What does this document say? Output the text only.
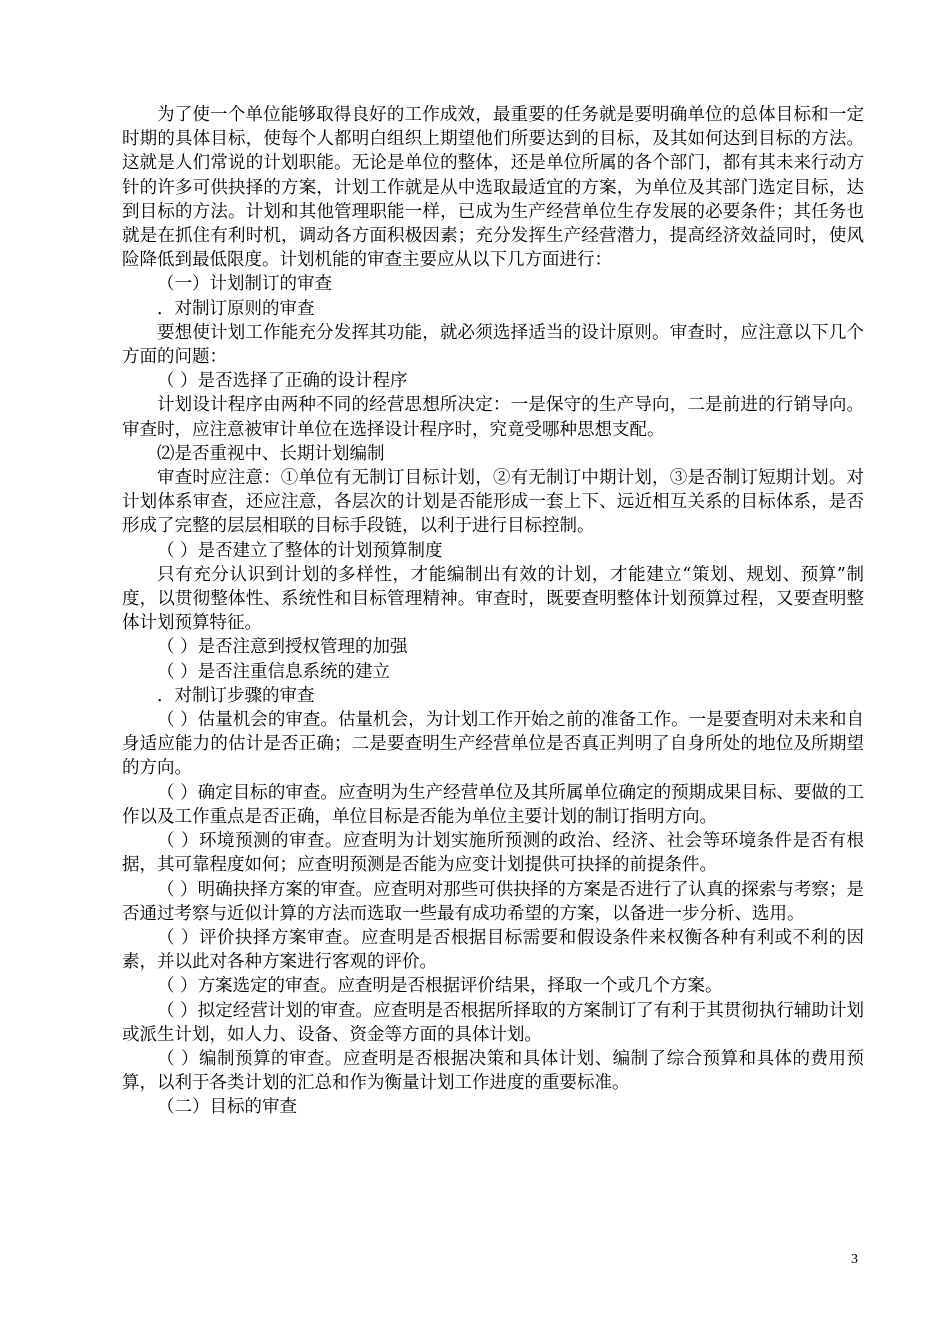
为了使一个单位能够取得良好的工作成效，最重要的任务就是要明确单位的总体目标和一定时期的具体目标，使每个人都明白组织上期望他们所要达到的目标，及其如何达到目标的方法。这就是人们常说的计划职能。无论是单位的整体，还是单位所属的各个部门，都有其未来行动方针的许多可供抉择的方案，计划工作就是从中选取最适宜的方案，为单位及其部门选定目标，达到目标的方法。计划和其他管理职能一样，已成为生产经营单位生存发展的必要条件；其任务也就是在抓住有利时机，调动各方面积极因素；充分发挥生产经营潜力，提高经济效益同时，使风险降低到最低限度。计划机能的审查主要应从以下几方面进行：

（一）计划制订的审查

．对制订原则的审查

要想使计划工作能充分发挥其功能，就必须选择适当的设计原则。审查时，应注意以下几个方面的问题：

（ ）是否选择了正确的设计程序

计划设计程序由两种不同的经营思想所决定：一是保守的生产导向，二是前进的行销导向。审查时，应注意被审计单位在选择设计程序时，究竟受哪种思想支配。

⑵是否重视中、长期计划编制

审查时应注意：①单位有无制订目标计划，②有无制订中期计划，③是否制订短期计划。对计划体系审查，还应注意，各层次的计划是否能形成一套上下、远近相互关系的目标体系，是否形成了完整的层层相联的目标手段链，以利于进行目标控制。

（ ）是否建立了整体的计划预算制度

只有充分认识到计划的多样性，才能编制出有效的计划，才能建立“策划、规划、预算”制度，以贯彻整体性、系统性和目标管理精神。审查时，既要查明整体计划预算过程，又要查明整体计划预算特征。

（ ）是否注意到授权管理的加强

（ ）是否注重信息系统的建立

．对制订步骤的审查

（ ）估量机会的审查。估量机会，为计划工作开始之前的准备工作。一是要查明对未来和自身适应能力的估计是否正确；二是要查明生产经营单位是否真正判明了自身所处的地位及所期望的方向。

（ ）确定目标的审查。应查明为生产经营单位及其所属单位确定的预期成果目标、要做的工作以及工作重点是否正确，单位目标是否能为单位主要计划的制订指明方向。

（ ）环境预测的审查。应查明为计划实施所预测的政治、经济、社会等环境条件是否有根据，其可靠程度如何；应查明预测是否能为应变计划提供可抉择的前提条件。

（ ）明确抉择方案的审查。应查明对那些可供抉择的方案是否进行了认真的探索与考察；是否通过考察与近似计算的方法而选取一些最有成功希望的方案，以备进一步分析、选用。

（ ）评价抉择方案审查。应查明是否根据目标需要和假设条件来权衡各种有利或不利的因素，并以此对各种方案进行客观的评价。

（ ）方案选定的审查。应查明是否根据评价结果，择取一个或几个方案。

（ ）拟定经营计划的审查。应查明是否根据所择取的方案制订了有利于其贯彻执行辅助计划或派生计划，如人力、设备、资金等方面的具体计划。

（ ）编制预算的审查。应查明是否根据决策和具体计划、编制了综合预算和具体的费用预算，以利于各类计划的汇总和作为衡量计划工作进度的重要标准。

（二）目标的审查

3
